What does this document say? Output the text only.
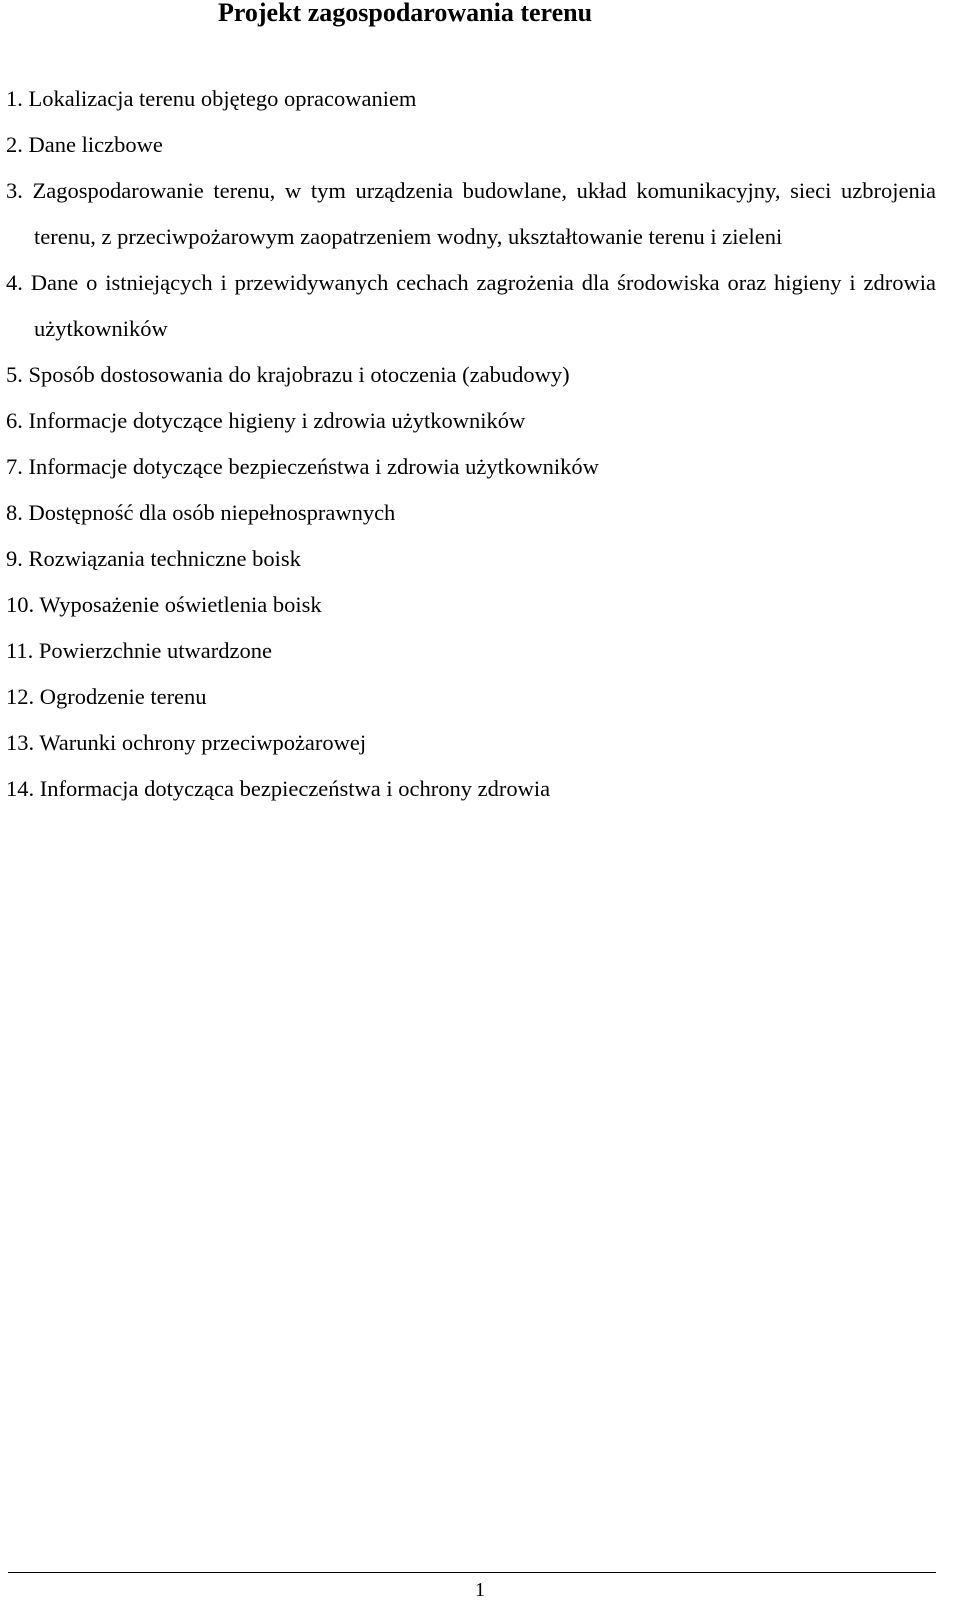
Projekt zagospodarowania terenu
1. Lokalizacja terenu objętego opracowaniem
2. Dane liczbowe
3. Zagospodarowanie terenu, w tym urządzenia budowlane, układ komunikacyjny, sieci uzbrojenia terenu, z przeciwpożarowym zaopatrzeniem wodny, ukształtowanie terenu i zieleni
4. Dane o istniejących i przewidywanych cechach zagrożenia dla środowiska oraz higieny i zdrowia użytkowników
5. Sposób dostosowania do krajobrazu i otoczenia (zabudowy)
6. Informacje dotyczące higieny i zdrowia użytkowników
7. Informacje dotyczące bezpieczeństwa i zdrowia użytkowników
8. Dostępność dla osób niepełnosprawnych
9. Rozwiązania techniczne boisk
10. Wyposażenie oświetlenia boisk
11. Powierzchnie utwardzone
12. Ogrodzenie terenu
13. Warunki ochrony przeciwpożarowej
14. Informacja dotycząca bezpieczeństwa i ochrony zdrowia
1
